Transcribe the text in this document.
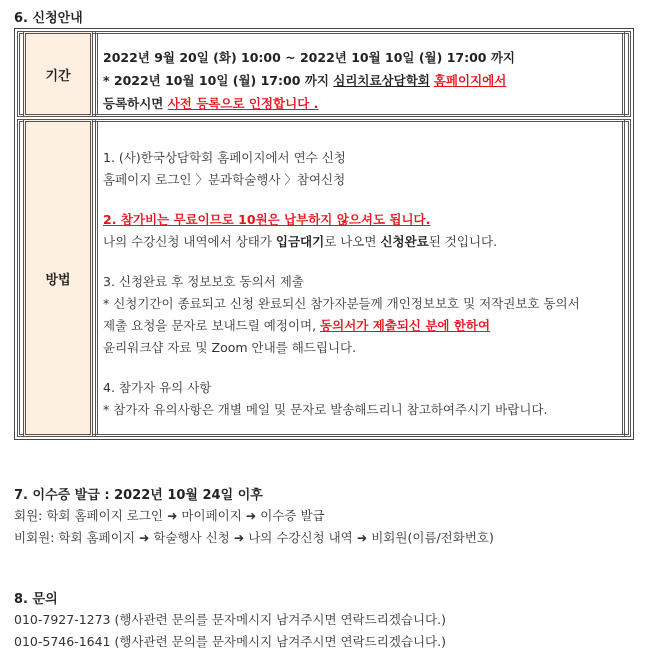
6. 신청안내
기간
2022년 9월 20일 (화) 10:00 ~ 2022년 10월 10일 (월) 17:00 까지
* 2022년 10월 10일 (월) 17:00 까지 심리치료상담학회 홈페이지에서
등록하시면 사전 등록으로 인정합니다 .
방법
1. (사)한국상담학회 홈페이지에서 연수 신청
홈페이지 로그인 〉분과학술행사 〉참여신청
2. 참가비는 무료이므로 10원은 납부하지 않으셔도 됩니다.
나의 수강신청 내역에서 상태가 입금대기로 나오면 신청완료된 것입니다.
3. 신청완료 후 정보보호 동의서 제출
* 신청기간이 종료되고 신청 완료되신 참가자분들께 개인정보보호 및 저작권보호 동의서
제출 요청을 문자로 보내드릴 예정이며, 동의서가 제출되신 분에 한하여
윤리워크샵 자료 및 Zoom 안내를 해드립니다.
4. 참가자 유의 사항
* 참가자 유의사항은 개별 메일 및 문자로 발송해드리니 참고하여주시기 바랍니다.
7. 이수증 발급 : 2022년 10월 24일 이후
회원: 학회 홈페이지 로그인 ➜ 마이페이지 ➜ 이수증 발급
비회원: 학회 홈페이지 ➜ 학술행사 신청 ➜ 나의 수강신청 내역 ➜ 비회원(이름/전화번호)
8. 문의
010-7927-1273 (행사관련 문의를 문자메시지 남겨주시면 연락드리겠습니다.)
010-5746-1641 (행사관련 문의를 문자메시지 남겨주시면 연락드리겠습니다.)
